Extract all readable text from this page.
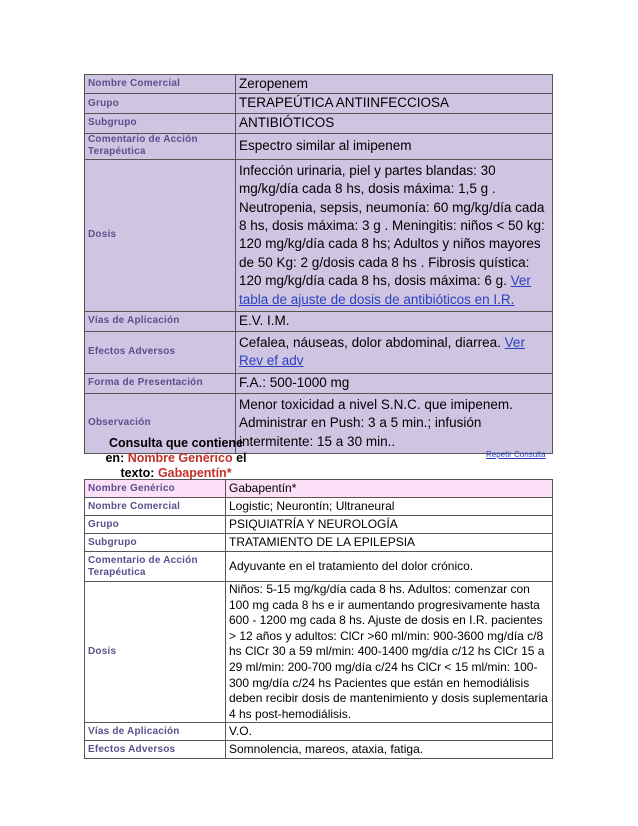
Nombre Comercial	Zeropenem
Grupo	TERAPEÚTICA ANTIINFECCIOSA
Subgrupo	ANTIBIÓTICOS
Comentario de Acción Terapéutica	Espectro similar al imipenem
Dosis	Infección urinaria, piel y partes blandas: 30 mg/kg/día cada 8 hs, dosis máxima: 1,5 g . Neutropenia, sepsis, neumonía: 60 mg/kg/día cada 8 hs, dosis máxima: 3 g . Meningitis: niños < 50 kg: 120 mg/kg/día cada 8 hs; Adultos y niños mayores de 50 Kg: 2 g/dosis cada 8 hs . Fibrosis quística: 120 mg/kg/día cada 8 hs, dosis máxima: 6 g. Ver tabla de ajuste de dosis de antibióticos en I.R.
Vías de Aplicación	E.V. I.M.
Efectos Adversos	Cefalea, náuseas, dolor abdominal, diarrea. Ver Rev ef adv
Forma de Presentación	F.A.: 500-1000 mg
Observación	Menor toxicidad a nivel S.N.C. que imipenem. Administrar en Push: 3 a 5 min.; infusión intermitente: 15 a 30 min..
Consulta que contiene
en: Nombre Genérico el
texto: Gabapentín*
Repetir Consulta
Nombre Genérico	Gabapentín*
Nombre Comercial	Logistic; Neurontín; Ultraneural
Grupo	PSIQUIATRÍA Y NEUROLOGÍA
Subgrupo	TRATAMIENTO DE LA EPILEPSIA
Comentario de Acción Terapéutica	Adyuvante en el tratamiento del dolor crónico.
Dosis	Niños: 5-15 mg/kg/día cada 8 hs. Adultos: comenzar con 100 mg cada 8 hs e ir aumentando progresivamente hasta 600 - 1200 mg cada 8 hs. Ajuste de dosis en I.R. pacientes > 12 años y adultos: ClCr >60 ml/min: 900-3600 mg/día c/8 hs ClCr 30 a 59 ml/min: 400-1400 mg/día c/12 hs ClCr 15 a 29 ml/min: 200-700 mg/día c/24 hs ClCr < 15 ml/min: 100-300 mg/día c/24 hs Pacientes que están en hemodiálisis deben recibir dosis de mantenimiento y dosis suplementaria 4 hs post-hemodiálisis.
Vías de Aplicación	V.O.
Efectos Adversos	Somnolencia, mareos, ataxia, fatiga.
